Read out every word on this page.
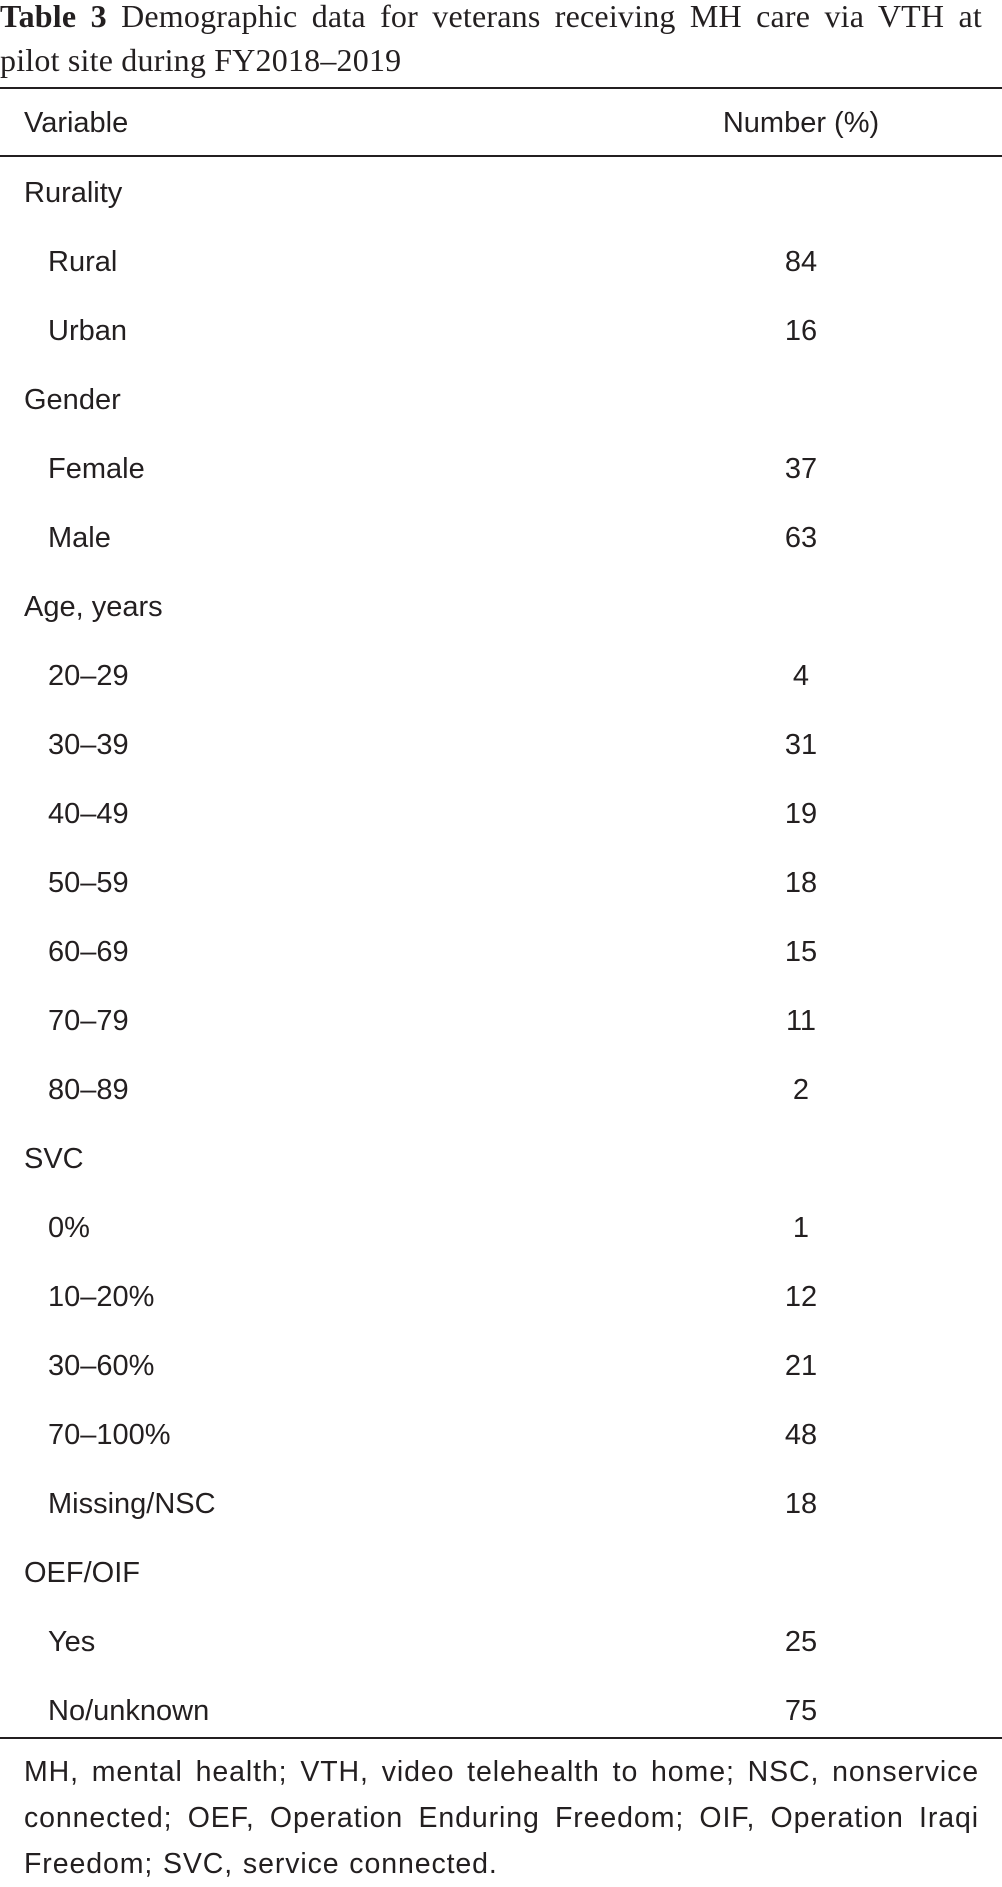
Table 3 Demographic data for veterans receiving MH care via VTH at pilot site during FY2018–2019
Variable	Number (%)
Rurality
Rural	84
Urban	16
Gender
Female	37
Male	63
Age, years
20–29	4
30–39	31
40–49	19
50–59	18
60–69	15
70–79	11
80–89	2
SVC
0%	1
10–20%	12
30–60%	21
70–100%	48
Missing/NSC	18
OEF/OIF
Yes	25
No/unknown	75
MH, mental health; VTH, video telehealth to home; NSC, nonservice connected; OEF, Operation Enduring Freedom; OIF, Operation Iraqi Freedom; SVC, service connected.
